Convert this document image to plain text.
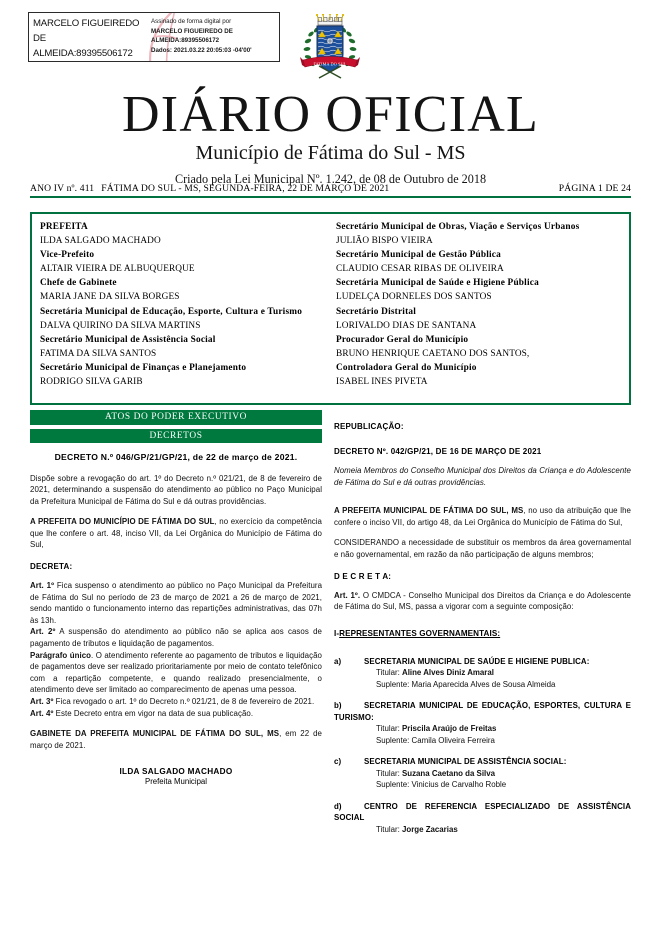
MARCELO FIGUEIREDO
DE
ALMEIDA:89395506172
Assinado de forma digital por
MARCELO FIGUEIREDO DE
ALMEIDA:89395506172
Dados: 2021.03.22 20:05:03 -04'00'
FATIMA DO SUL
DIÁRIO OFICIAL
Município de Fátima do Sul - MS
Criado pela Lei Municipal Nº. 1.242, de 08 de Outubro de 2018
ANO IV nº. 411 FÁTIMA DO SUL - MS, SEGUNDA-FEIRA, 22 DE MARÇO DE 2021	PÁGINA 1 DE 24
PREFEITA
ILDA SALGADO MACHADO
Vice-Prefeito
ALTAIR VIEIRA DE ALBUQUERQUE
Chefe de Gabinete
MARIA JANE DA SILVA BORGES
Secretária Municipal de Educação, Esporte, Cultura e Turismo
DALVA QUIRINO DA SILVA MARTINS
Secretário Municipal de Assistência Social
FATIMA DA SILVA SANTOS
Secretário Municipal de Finanças e Planejamento
RODRIGO SILVA GARIB
Secretário Municipal de Obras, Viação e Serviços Urbanos
JULIÃO BISPO VIEIRA
Secretário Municipal de Gestão Pública
CLAUDIO CESAR RIBAS DE OLIVEIRA
Secretária Municipal de Saúde e Higiene Pública
LUDELÇA DORNELES DOS SANTOS
Secretário Distrital
LORIVALDO DIAS DE SANTANA
Procurador Geral do Município
BRUNO HENRIQUE CAETANO DOS SANTOS,
Controladora Geral do Município
ISABEL INES PIVETA
ATOS DO PODER EXECUTIVO
DECRETOS
DECRETO N.º 046/GP/21/GP/21, de 22 de março de 2021.
Dispõe sobre a revogação do art. 1º do Decreto n.º 021/21, de 8 de fevereiro de 2021, determinando a suspensão do atendimento ao público no Paço Municipal da Prefeitura Municipal de Fátima do Sul e dá outras providências.
A PREFEITA DO MUNICÍPIO DE FÁTIMA DO SUL, no exercício da competência que lhe confere o art. 48, inciso VII, da Lei Orgânica do Município de Fátima do Sul,
DECRETA:
Art. 1º Fica suspenso o atendimento ao público no Paço Municipal da Prefeitura de Fátima do Sul no período de 23 de março de 2021 a 26 de março de 2021, sendo mantido o funcionamento interno das repartições administrativas, das 07h às 13h.
Art. 2º A suspensão do atendimento ao público não se aplica aos casos de pagamento de tributos e liquidação de pagamentos.
Parágrafo único. O atendimento referente ao pagamento de tributos e liquidação de pagamentos deve ser realizado prioritariamente por meio de contato telefônico com a repartição competente, e quando realizado presencialmente, o atendimento deve ser limitado ao comparecimento de apenas uma pessoa.
Art. 3º Fica revogado o art. 1º do Decreto n.º 021/21, de 8 de fevereiro de 2021.
Art. 4º Este Decreto entra em vigor na data de sua publicação.
GABINETE DA PREFEITA MUNICIPAL DE FÁTIMA DO SUL, MS, em 22 de março de 2021.
ILDA SALGADO MACHADO
Prefeita Municipal
REPUBLICAÇÃO:
DECRETO Nº. 042/GP/21, DE 16 DE MARÇO DE 2021
Nomeia Membros do Conselho Municipal dos Direitos da Criança e do Adolescente de Fátima do Sul e dá outras providências.
A PREFEITA MUNICIPAL DE FÁTIMA DO SUL, MS, no uso da atribuição que lhe confere o inciso VII, do artigo 48, da Lei Orgânica do Município de Fátima do Sul,
CONSIDERANDO a necessidade de substituir os membros da área governamental e não governamental, em razão da não participação de alguns membros;
D E C R E T A:
Art. 1º. O CMDCA - Conselho Municipal dos Direitos da Criança e do Adolescente de Fátima do Sul, MS, passa a vigorar com a seguinte composição:
I-REPRESENTANTES GOVERNAMENTAIS:
a)	SECRETARIA MUNICIPAL DE SAÚDE E HIGIENE PUBLICA:
Titular: Aline Alves Diniz Amaral
Suplente: Maria Aparecida Alves de Sousa Almeida
b)	SECRETARIA MUNICIPAL DE EDUCAÇÃO, ESPORTES, CULTURA E TURISMO:
Titular: Priscila Araújo de Freitas
Suplente: Camila Oliveira Ferreira
c)	SECRETARIA MUNICIPAL DE ASSISTÊNCIA SOCIAL:
Titular: Suzana Caetano da Silva
Suplente: Vinicius de Carvalho Roble
d)	CENTRO DE REFERENCIA ESPECIALIZADO DE ASSISTÊNCIA SOCIAL
Titular: Jorge Zacarias
